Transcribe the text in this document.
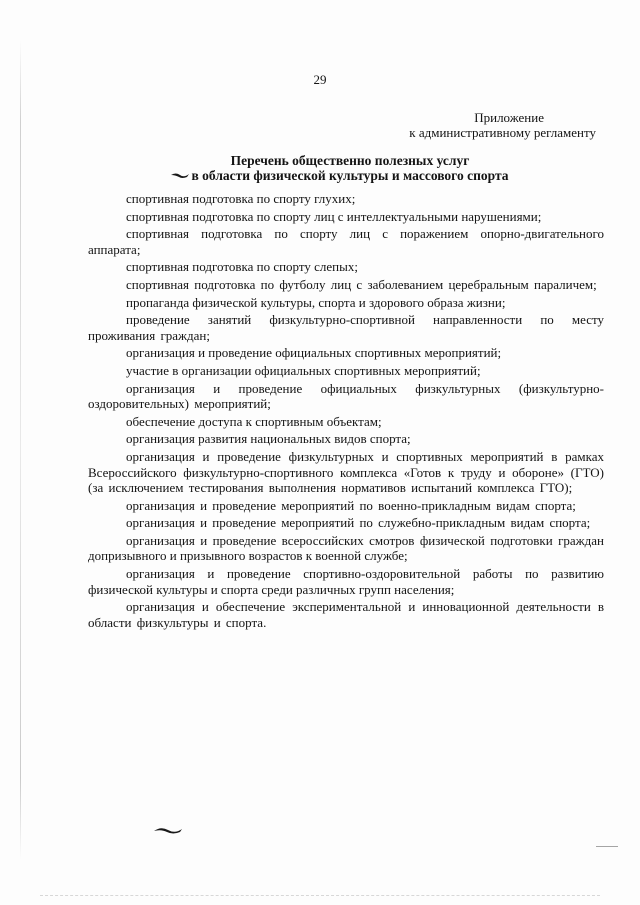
29
Приложение
к административному регламенту
Перечень общественно полезных услуг
в области физической культуры и массового спорта

спортивная подготовка по спорту глухих;

спортивная подготовка по спорту лиц с интеллектуальными нарушениями;

спортивная подготовка по спорту лиц с поражением опорно-двигательного аппарата;

спортивная подготовка по спорту слепых;

спортивная подготовка по футболу лиц с заболеванием церебральным параличем;

пропаганда физической культуры, спорта и здорового образа жизни;

проведение занятий физкультурно-спортивной направленности по месту проживания граждан;

организация и проведение официальных спортивных мероприятий;

участие в организации официальных спортивных мероприятий;

организация и проведение официальных физкультурных (физкультурно-оздоровительных) мероприятий;

обеспечение доступа к спортивным объектам;

организация развития национальных видов спорта;

организация и проведение физкультурных и спортивных мероприятий в рамках Всероссийского физкультурно-спортивного комплекса «Готов к труду и обороне» (ГТО) (за исключением тестирования выполнения нормативов испытаний комплекса ГТО);

организация и проведение мероприятий по военно-прикладным видам спорта;

организация и проведение мероприятий по служебно-прикладным видам спорта;

организация и проведение всероссийских смотров физической подготовки граждан допризывного и призывного возрастов к военной службе;

организация и проведение спортивно-оздоровительной работы по развитию физической культуры и спорта среди различных групп населения;

организация и обеспечение экспериментальной и инновационной деятельности в области физкультуры и спорта.
